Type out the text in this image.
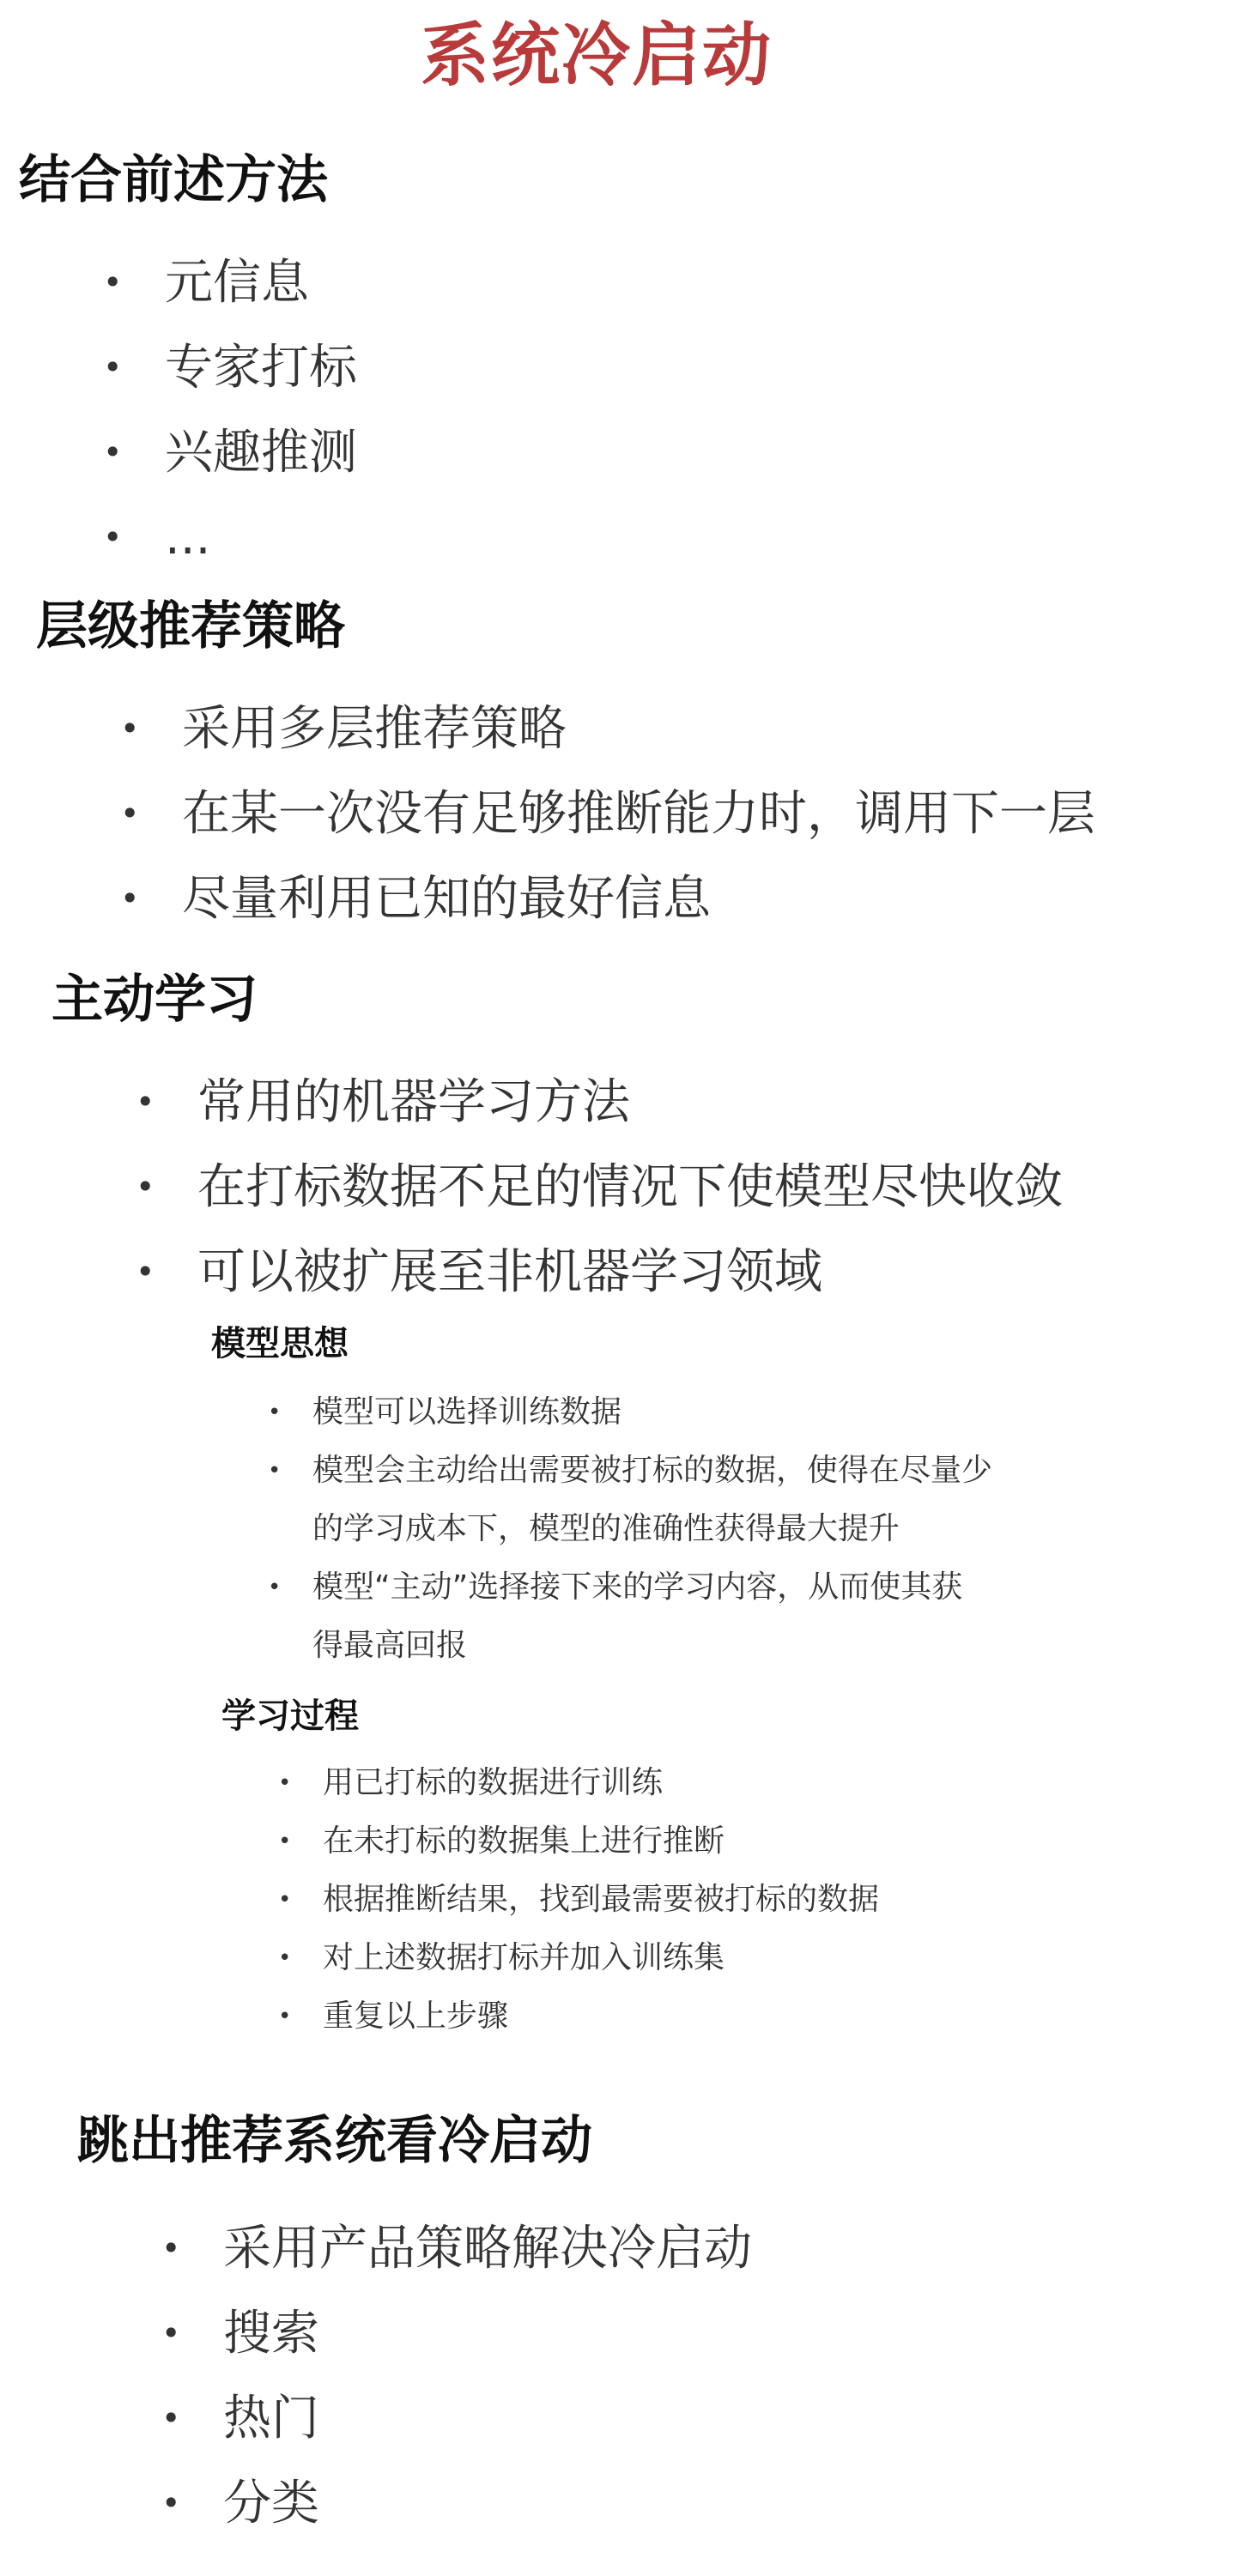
系统冷启动
结合前述方法
• 元信息
• 专家打标
• 兴趣推测
• ...
层级推荐策略
• 采用多层推荐策略
• 在某一次没有足够推断能力时，调用下一层
• 尽量利用已知的最好信息
主动学习
• 常用的机器学习方法
• 在打标数据不足的情况下使模型尽快收敛
• 可以被扩展至非机器学习领域
模型思想
• 模型可以选择训练数据
• 模型会主动给出需要被打标的数据，使得在尽量少
的学习成本下，模型的准确性获得最大提升
• 模型“主动”选择接下来的学习内容，从而使其获
得最高回报
学习过程
• 用已打标的数据进行训练
• 在未打标的数据集上进行推断
• 根据推断结果，找到最需要被打标的数据
• 对上述数据打标并加入训练集
• 重复以上步骤
跳出推荐系统看冷启动
• 采用产品策略解决冷启动
• 搜索
• 热门
• 分类
